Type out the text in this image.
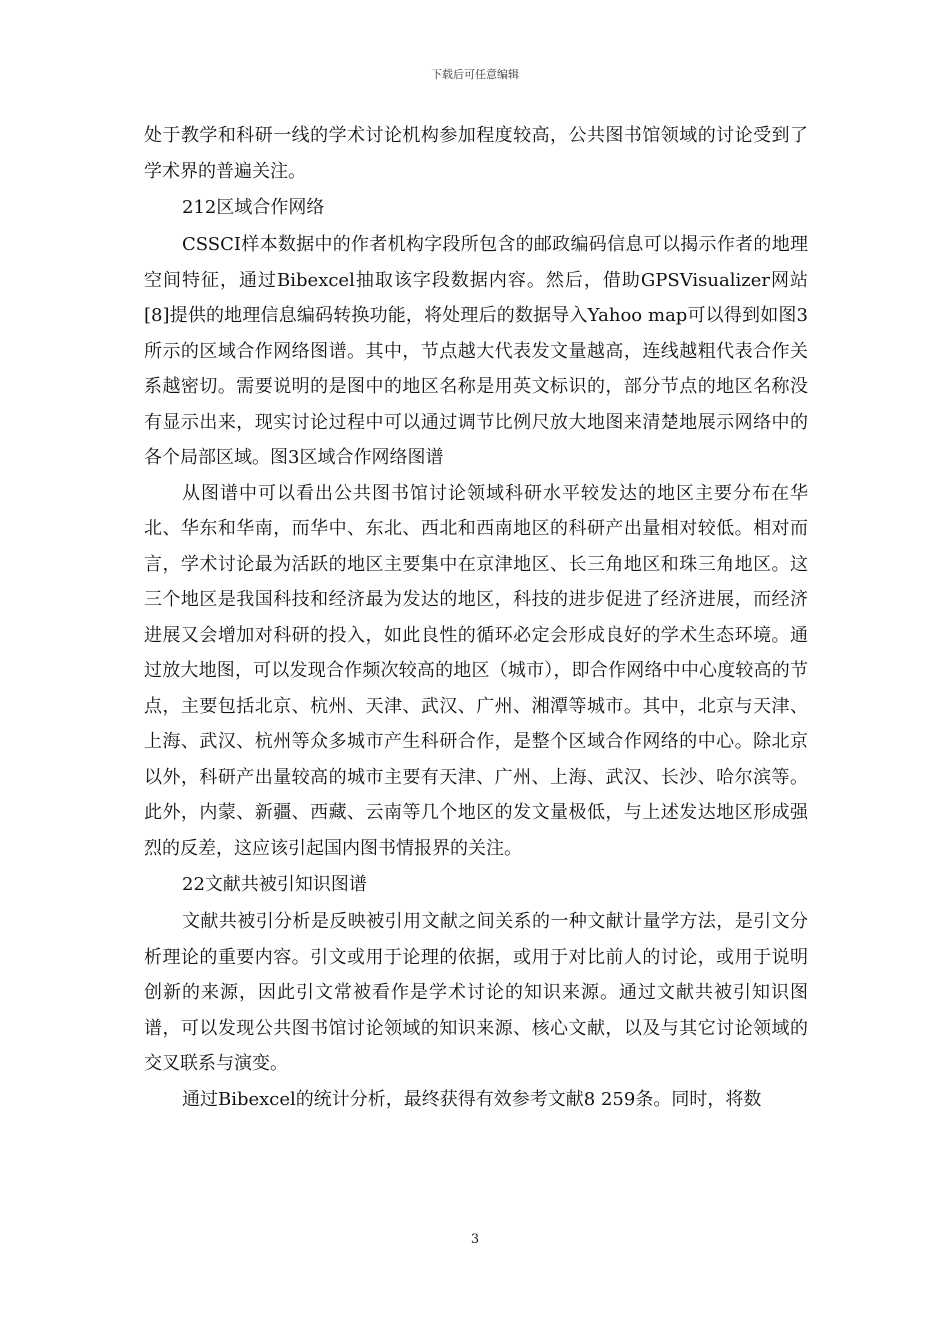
下载后可任意编辑

处于教学和科研一线的学术讨论机构参加程度较高，公共图书馆领域的讨论受到了学术界的普遍关注。

212区域合作网络

CSSCI样本数据中的作者机构字段所包含的邮政编码信息可以揭示作者的地理空间特征，通过Bibexcel抽取该字段数据内容。然后，借助GPSVisualizer网站[8]提供的地理信息编码转换功能，将处理后的数据导入Yahoo map可以得到如图3所示的区域合作网络图谱。其中，节点越大代表发文量越高，连线越粗代表合作关系越密切。需要说明的是图中的地区名称是用英文标识的，部分节点的地区名称没有显示出来，现实讨论过程中可以通过调节比例尺放大地图来清楚地展示网络中的各个局部区域。图3区域合作网络图谱

从图谱中可以看出公共图书馆讨论领域科研水平较发达的地区主要分布在华北、华东和华南，而华中、东北、西北和西南地区的科研产出量相对较低。相对而言，学术讨论最为活跃的地区主要集中在京津地区、长三角地区和珠三角地区。这三个地区是我国科技和经济最为发达的地区，科技的进步促进了经济进展，而经济进展又会增加对科研的投入，如此良性的循环必定会形成良好的学术生态环境。通过放大地图，可以发现合作频次较高的地区（城市），即合作网络中中心度较高的节点，主要包括北京、杭州、天津、武汉、广州、湘潭等城市。其中，北京与天津、上海、武汉、杭州等众多城市产生科研合作，是整个区域合作网络的中心。除北京以外，科研产出量较高的城市主要有天津、广州、上海、武汉、长沙、哈尔滨等。此外，内蒙、新疆、西藏、云南等几个地区的发文量极低，与上述发达地区形成强烈的反差，这应该引起国内图书情报界的关注。

22文献共被引知识图谱

文献共被引分析是反映被引用文献之间关系的一种文献计量学方法，是引文分析理论的重要内容。引文或用于论理的依据，或用于对比前人的讨论，或用于说明创新的来源，因此引文常被看作是学术讨论的知识来源。通过文献共被引知识图谱，可以发现公共图书馆讨论领域的知识来源、核心文献，以及与其它讨论领域的交叉联系与演变。

通过Bibexcel的统计分析，最终获得有效参考文献8 259条。同时，将数

3
